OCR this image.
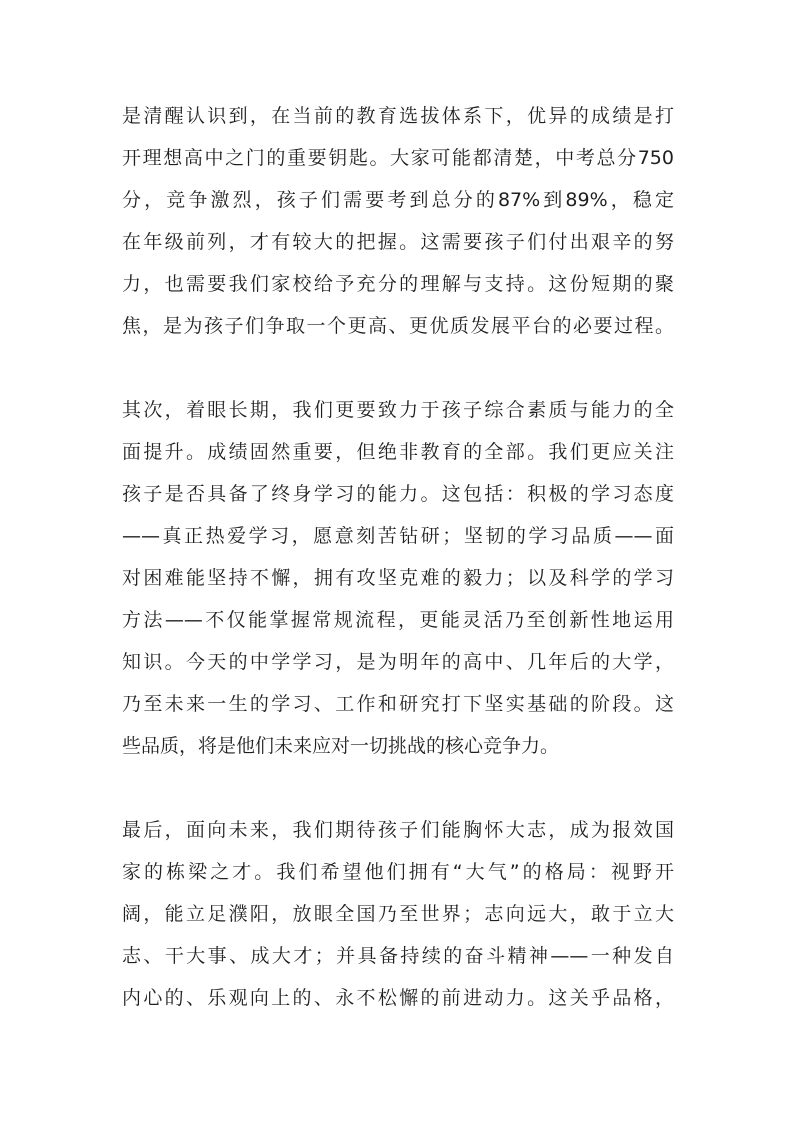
是清醒认识到，在当前的教育选拔体系下，优异的成绩是打
开理想高中之门的重要钥匙。大家可能都清楚，中考总分750
分，竞争激烈，孩子们需要考到总分的87%到89%，稳定
在年级前列，才有较大的把握。这需要孩子们付出艰辛的努
力，也需要我们家校给予充分的理解与支持。这份短期的聚
焦，是为孩子们争取一个更高、更优质发展平台的必要过程。
其次，着眼长期，我们更要致力于孩子综合素质与能力的全
面提升。成绩固然重要，但绝非教育的全部。我们更应关注
孩子是否具备了终身学习的能力。这包括：积极的学习态度
——真正热爱学习，愿意刻苦钻研；坚韧的学习品质——面
对困难能坚持不懈，拥有攻坚克难的毅力；以及科学的学习
方法——不仅能掌握常规流程，更能灵活乃至创新性地运用
知识。今天的中学学习，是为明年的高中、几年后的大学，
乃至未来一生的学习、工作和研究打下坚实基础的阶段。这
些品质，将是他们未来应对一切挑战的核心竞争力。
最后，面向未来，我们期待孩子们能胸怀大志，成为报效国
家的栋梁之才。我们希望他们拥有“大气”的格局：视野开
阔，能立足濮阳，放眼全国乃至世界；志向远大，敢于立大
志、干大事、成大才；并具备持续的奋斗精神——一种发自
内心的、乐观向上的、永不松懈的前进动力。这关乎品格，
